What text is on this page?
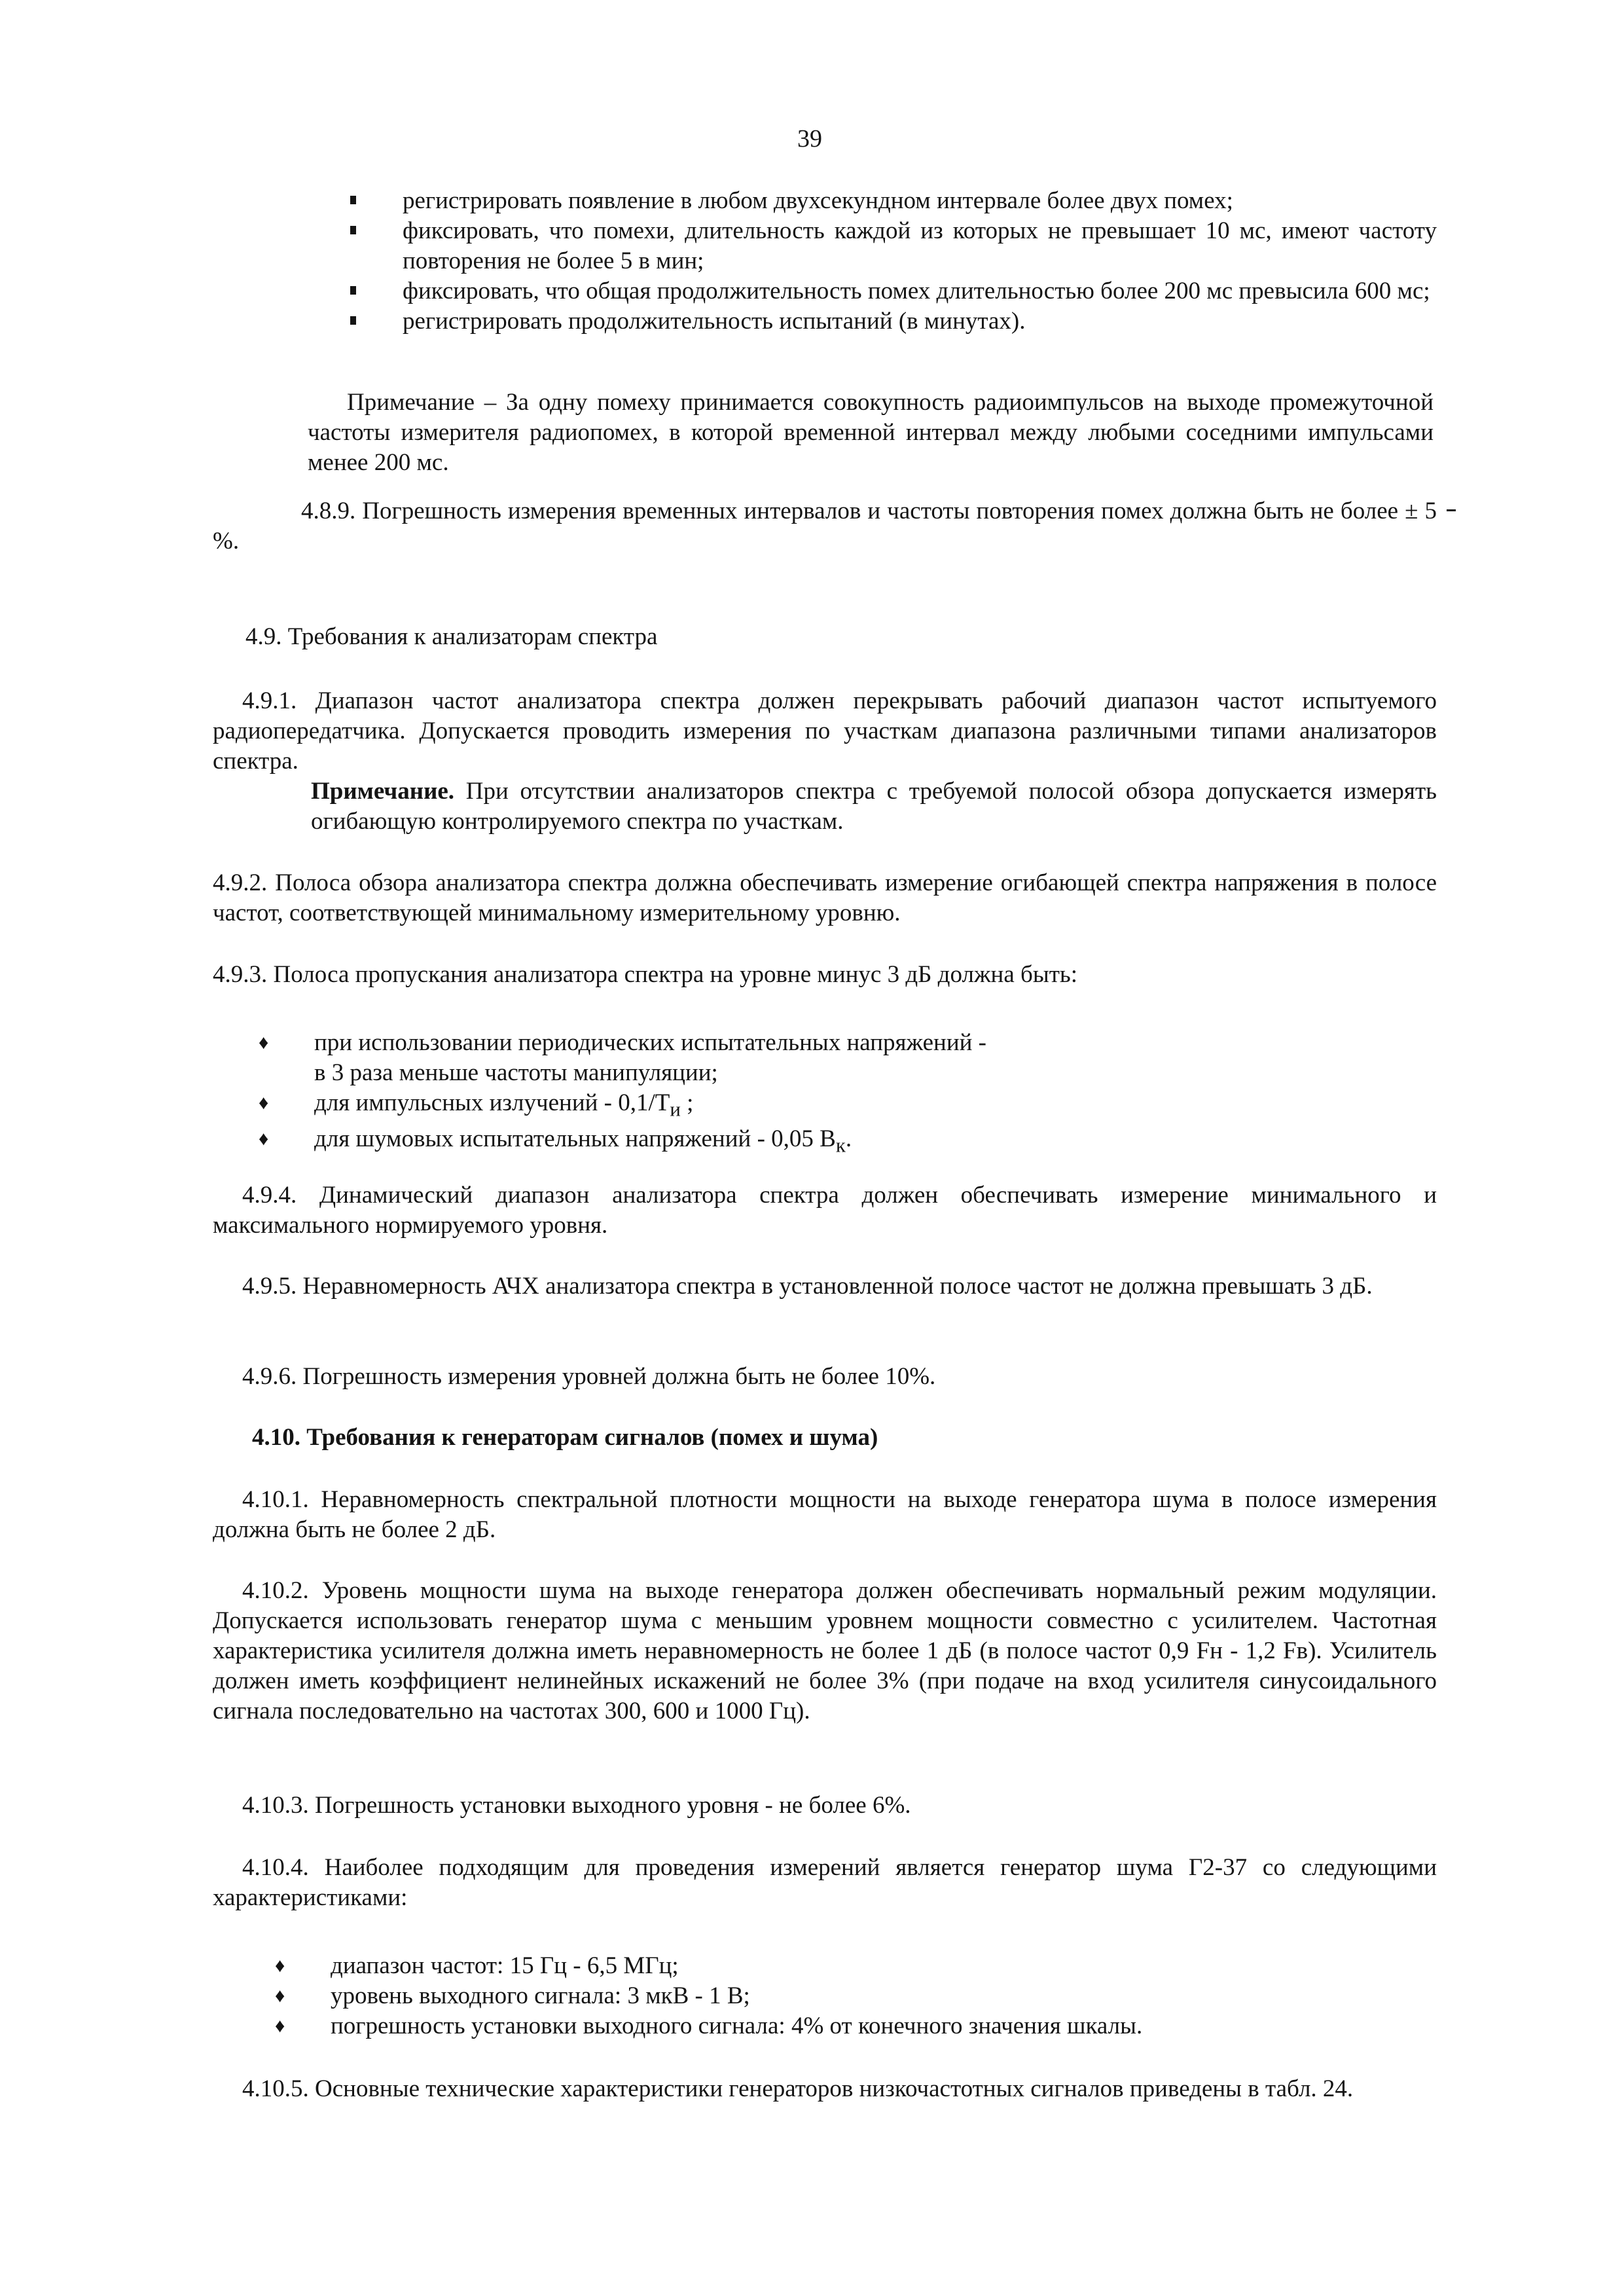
39
регистрировать появление в любом двухсекундном интервале более двух помех;
фиксировать, что помехи, длительность каждой из которых не превышает 10 мс, имеют частоту повторения не более 5 в мин;
фиксировать, что общая продолжительность помех длительностью более 200 мс превысила 600 мс;
регистрировать продолжительность испытаний (в минутах).

Примечание – За одну помеху принимается совокупность радиоимпульсов на выходе промежуточной частоты измерителя радиопомех, в которой временной интервал между любыми соседними импульсами менее 200 мс.

4.8.9. Погрешность измерения временных интервалов и частоты повторения помех должна быть не более ± 5 %.

4.9. Требования к анализаторам спектра

4.9.1. Диапазон частот анализатора спектра должен перекрывать рабочий диапазон частот испытуемого радиопередатчика. Допускается проводить измерения по участкам диапазона различными типами анализаторов спектра.

Примечание. При отсутствии анализаторов спектра с требуемой полосой обзора допускается измерять огибающую контролируемого спектра по участкам.

4.9.2. Полоса обзора анализатора спектра должна обеспечивать измерение огибающей спектра напряжения в полосе частот, соответствующей минимальному измерительному уровню.

4.9.3. Полоса пропускания анализатора спектра на уровне минус 3 дБ должна быть:

♦ при использовании периодических испытательных напряжений -
в 3 раза меньше частоты манипуляции;
♦ для импульсных излучений - $0,1/Т_и$ ;
♦ для шумовых испытательных напряжений - 0,05 $В_к$.

4.9.4. Динамический диапазон анализатора спектра должен обеспечивать измерение минимального и максимального нормируемого уровня.

4.9.5. Неравномерность АЧХ анализатора спектра в установленной полосе частот не должна превышать 3 дБ.

4.9.6. Погрешность измерения уровней должна быть не более 10%.

4.10. Требования к генераторам сигналов (помех и шума)

4.10.1. Неравномерность спектральной плотности мощности на выходе генератора шума в полосе измерения должна быть не более 2 дБ.

4.10.2. Уровень мощности шума на выходе генератора должен обеспечивать нормальный режим модуляции. Допускается использовать генератор шума с меньшим уровнем мощности совместно с усилителем. Частотная характеристика усилителя должна иметь неравномерность не более 1 дБ (в полосе частот 0,9 Fн - 1,2 Fв). Усилитель должен иметь коэффициент нелинейных искажений не более 3% (при подаче на вход усилителя синусоидального сигнала последовательно на частотах 300, 600 и 1000 Гц).

4.10.3. Погрешность установки выходного уровня - не более 6%.

4.10.4. Наиболее подходящим для проведения измерений является генератор шума Г2-37 со следующими характеристиками:

♦ диапазон частот: 15 Гц - 6,5 МГц;
♦ уровень выходного сигнала: 3 мкВ - 1 В;
♦ погрешность установки выходного сигнала: 4% от конечного значения шкалы.

4.10.5. Основные технические характеристики генераторов низкочастотных сигналов приведены в табл. 24.
